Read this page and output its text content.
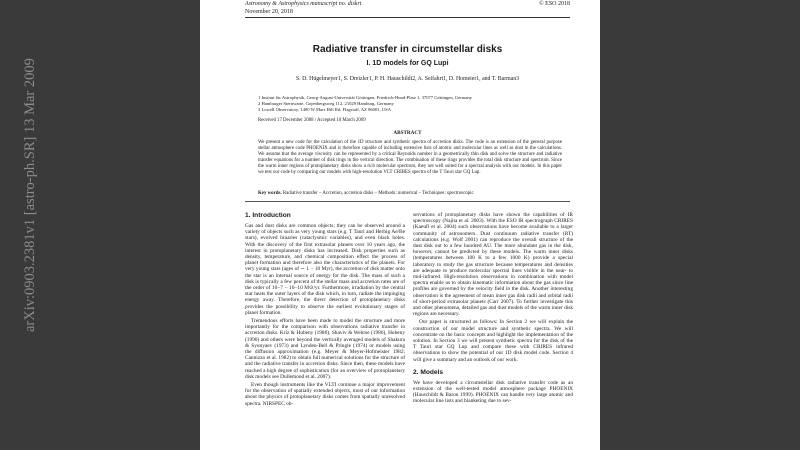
Astronomy & Astrophysics manuscript no. diskrt
November 20, 2018
© ESO 2018
Radiative transfer in circumstellar disks
I. 1D models for GQ Lupi
S. D. Hügelmeyer1, S. Dreizler1, P. H. Hauschildt2, A. Seifahrt1, D. Homeier1, and T. Barman3
1 Institut für Astrophysik, Georg-August-Universität Göttingen, Friedrich-Hund-Platz 1, 37077 Göttingen, Germany
2 Hamburger Sternwarte, Gojenbergsweg 112, 21029 Hamburg, Germany
3 Lowell Observatory, 1400 W Mars Hill Rd, Flagstaff, AZ 86001, USA
Received 17 December 2008 / Accepted 10 March 2009
ABSTRACT
We present a new code for the calculation of the 1D structure and synthetic spectra of accretion disks. The code is an extension of the general purpose stellar atmosphere code PHOENIX and is therefore capable of including extensive lists of atomic and molecular lines as well as dust in the calculations. We assume that the average viscosity can be represented by a critical Reynolds number in a geometrically thin disk and solve the structure and radiative transfer equations for a number of disk rings in the vertical direction. The combination of these rings provides the total disk structure and spectrum. Since the warm inner regions of protoplanetary disks show a rich molecular spectrum, they are well suited for a spectral analysis with our models. In this paper we test our code by comparing our models with high-resolution VLT CRIBES spectra of the T Tauri star GQ Lup.
Key words. Radiative transfer – Accretion, accretion disks – Methods: numerical – Techniques: spectroscopic
1. Introduction

Gas and dust disks are common objects; they can be observed around a variety of objects such as very young stars (e.g. T Tauri and Herbig Ae/Be stars), evolved binaries (cataclysmic variables), and even black holes. With the discovery of the first extrasolar planets over 10 years ago, the interest in protoplanetary disks has increased. Disk properties such as density, temperature, and chemical composition effect the process of planet formation and therefore also the characteristics of the planets. For very young stars (ages of ∼ 1 − 10 Myr), the accretion of disk matter onto the star is an internal source of energy for the disk. The mass of such a disk is typically a few percent of the stellar mass and accretion rates are of the order of 10−7 − 10−10 M⊙/yr. Furthermore, irradiation by the central star heats the outer layers of the disk which, in turn, radiate the impinging energy away. Therefore, the direct detection of protoplanetary disks provides the possibility to observe the earliest evolutionary stages of planet formation.

Tremendous efforts have been made to model the structure and more importantly for the comparison with observations radiative transfer in accretion disks. Kriz & Hubeny (1986), Shaviv & Wehrse (1986), Hubeny (1990) and others were beyond the vertically averaged models of Shakura & Syunyaev (1973) and Lynden-Bell & Pringle (1974) or models using the diffusion approximation (e.g. Meyer & Meyer-Hofmeister 1982; Cannizzo et al. 1982) to obtain full numerical solutions for the structure of and the radiative transfer in accretion disks. Since then, these models have reached a high degree of sophistication (for an overview of protoplanetary disk models see Dullemond et al. 2007).

Even though instruments like the VLTI continue a major improvement for the observation of spatially extended objects, most of our information about the physics of protoplanetary disks comes from spatially unresolved spectra. NIRSPEC ob-

servations of protoplanetary disks have shown the capabilities of IR spectroscopy (Najita et al. 2003). With the ESO IR spectrograph CRIRES (Kaeufl et al. 2004) such observations have become available to a larger community of astronomers. Dust continuum radiative transfer (RT) calculations (e.g. Wolf 2001) can reproduce the overall structure of the dust disk out to a few hundred AU. The more abundant gas in the disk, however, cannot be predicted by these models. The warm inner disks (temperatures between 100 K to a few 1000 K) provide a special laboratory to study the gas structure because temperatures and densities are adequate to produce molecular spectral lines visible in the near- to mid-infrared. High-resolution observations in combination with model spectra enable us to obtain kinematic information about the gas since line profiles are governed by the velocity field in the disk. Another interesting observation is the agreement of mean inner gas disk radii and orbital radii of short-period extrasolar planets (Carr 2007). To further investigate this and other phenomena, detailed gas and dust models of the warm inner disk regions are necessary.

Our paper is structured as follows: In Section 2 we will explain the construction of our model structure and synthetic spectra. We will concentrate on the basic concepts and highlight the implementation of the solution. In Section 3 we will present synthetic spectra for the disk of the T Tauri star GQ Lup and compare these with CRIRES infrared observations to show the potential of our 1D disk model code. Section 4 will give a summary and an outlook of our work.

2. Models

We have developed a circumstellar disk radiative transfer code as an extension of the well-tested model atmosphere package PHOENIX (Hauschildt & Baron 1999). PHOENIX can handle very large atomic and molecular line lists and blanketing due to sev-

arXiv:0903.2381v1 [astro-ph.SR] 13 Mar 2009
